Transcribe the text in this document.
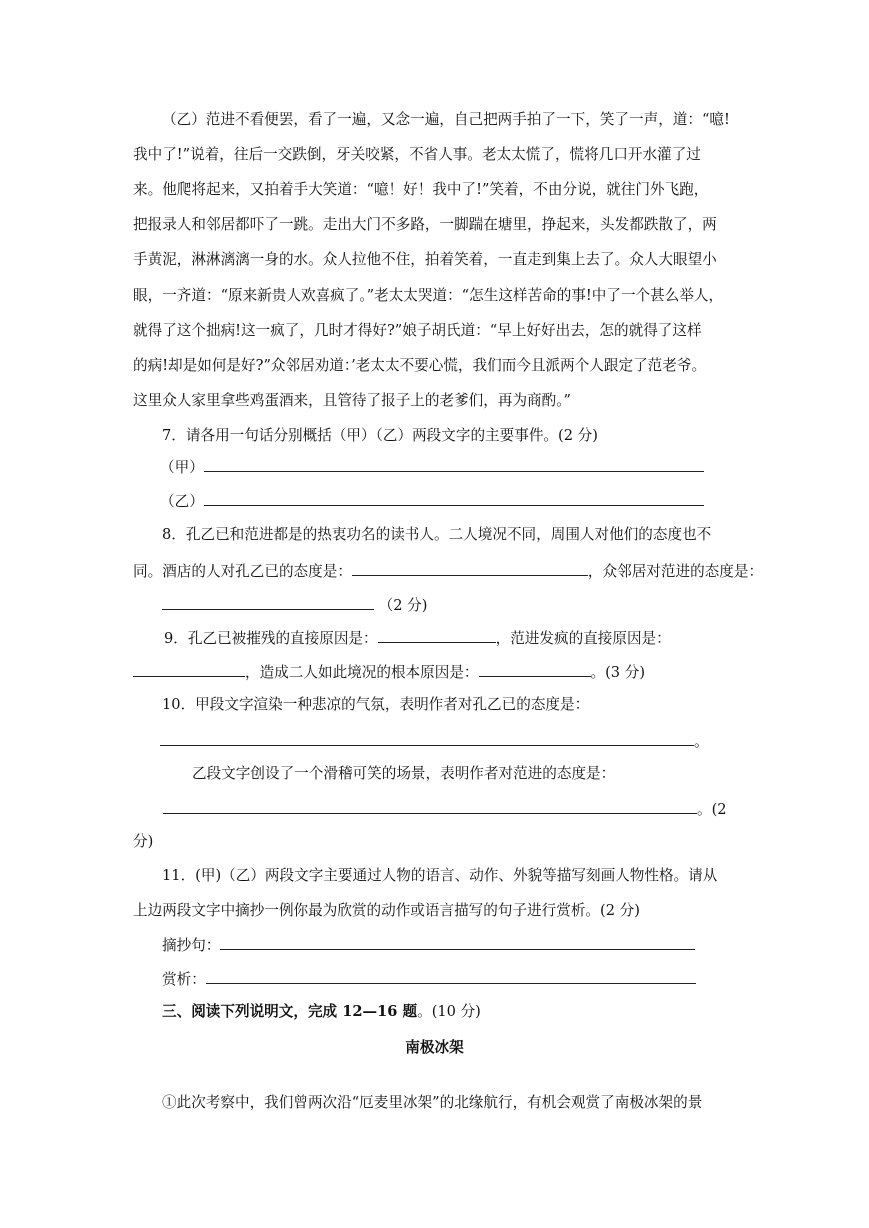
（乙）范进不看便罢，看了一遍，又念一遍，自己把两手拍了一下，笑了一声，道：“噫!
我中了!”说着，往后一交跌倒，牙关咬紧，不省人事。老太太慌了，慌将几口开水灌了过
来。他爬将起来，又拍着手大笑道：“噫！好！我中了!”笑着，不由分说，就往门外飞跑，
把报录人和邻居都吓了一跳。走出大门不多路，一脚踹在塘里，挣起来，头发都跌散了，两
手黄泥，淋淋漓漓一身的水。众人拉他不住，拍着笑着，一直走到集上去了。众人大眼望小
眼，一齐道：“原来新贵人欢喜疯了。”老太太哭道：“怎生这样苦命的事!中了一个甚么举人，
就得了这个拙病!这一疯了，几时才得好?”娘子胡氏道：“早上好好出去，怎的就得了这样
的病!却是如何是好?”众邻居劝道：’老太太不要心慌，我们而今且派两个人跟定了范老爷。
这里众人家里拿些鸡蛋酒来，且管待了报子上的老爹们，再为商酌。”
7．请各用一句话分别概括（甲）（乙）两段文字的主要事件。(2 分)
（甲）
（乙）
8．孔乙已和范进都是的热衷功名的读书人。二人境况不同，周围人对他们的态度也不
同。酒店的人对孔乙已的态度是：	，众邻居对范进的态度是：
（2 分)
9．孔乙已被摧残的直接原因是：	，范进发疯的直接原因是：
，造成二人如此境况的根本原因是：	。(3 分)
10．甲段文字渲染一种悲凉的气氛，表明作者对孔乙已的态度是：
。
乙段文字创设了一个滑稽可笑的场景，表明作者对范进的态度是：
。(2
分)
11．(甲)（乙）两段文字主要通过人物的语言、动作、外貌等描写刻画人物性格。请从
上边两段文字中摘抄一例你最为欣赏的动作或语言描写的句子进行赏析。(2 分)
摘抄句：
赏析：
三、阅读下列说明文，完成 12—16 题。(10 分)
南极冰架
①此次考察中，我们曾两次沿“厄麦里冰架”的北缘航行，有机会观赏了南极冰架的景
